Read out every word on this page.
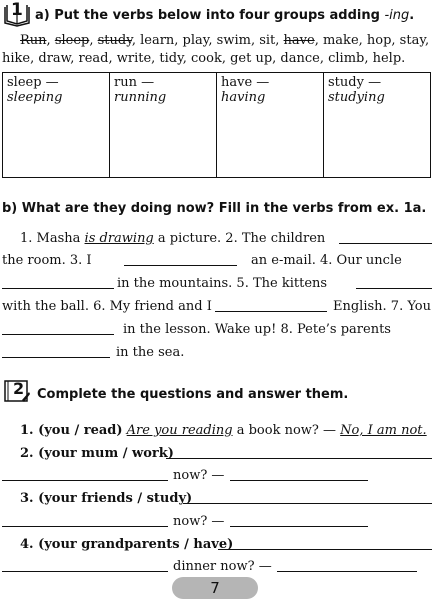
1 a) Put the verbs below into four groups adding -ing.
Run, sleep, study, learn, play, swim, sit, have, make, hop, stay,
hike, draw, read, write, tidy, cook, get up, dance, climb, help.
sleep —
sleeping

run —
running

have —
having

study —
studying
b) What are they doing now? Fill in the verbs from ex. 1a.
1. Masha is drawing a picture. 2. The children
the room. 3. I	an e-mail. 4. Our uncle
in the mountains. 5. The kittens
with the ball. 6. My friend and I	English. 7. You
in the lesson. Wake up! 8. Pete’s parents
in the sea.
2 Complete the questions and answer them.
1. (you / read) Are you reading a book now? — No, I am not.
2. (your mum / work)
now? —
3. (your friends / study)
now? —
4. (your grandparents / have)
dinner now? —
7
